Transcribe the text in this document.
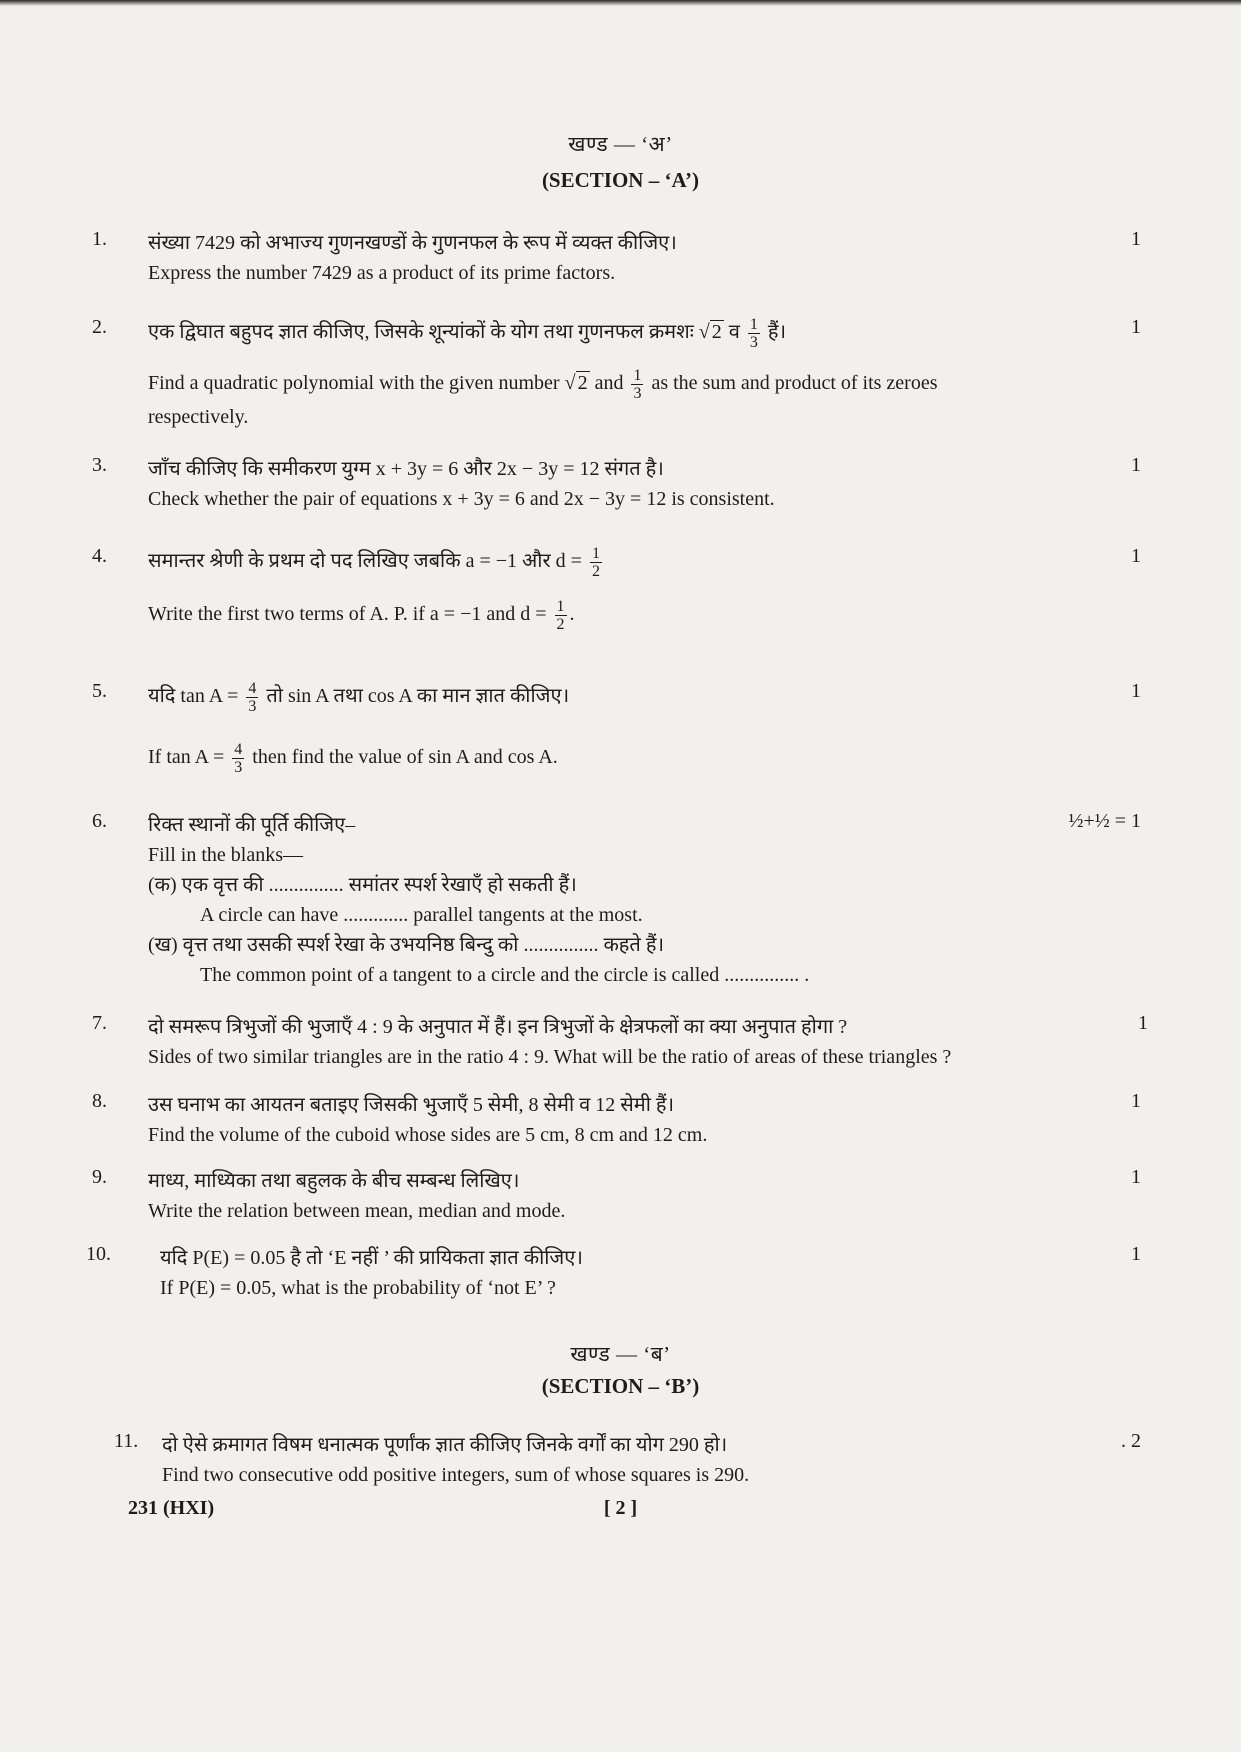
खण्ड — ‘अ’
(SECTION – ‘A’)
1. संख्या 7429 को अभाज्य गुणनखण्डों के गुणनफल के रूप में व्यक्त कीजिए।
Express the number 7429 as a product of its prime factors.
1
2. एक द्विघात बहुपद ज्ञात कीजिए, जिसके शून्यांकों के योग तथा गुणनफल क्रमशः √ 2 व $\frac{1}{3}$ हैं।
Find a quadratic polynomial with the given number √ 2 and $\frac{1}{3}$ as the sum and product of its zeroes
respectively.
1
3. जाँच कीजिए कि समीकरण युग्म x + 3y = 6 और 2x − 3y = 12 संगत है।
Check whether the pair of equations x + 3y = 6 and 2x − 3y = 12 is consistent.
1
4. समान्तर श्रेणी के प्रथम दो पद लिखिए जबकि a = −1 और $d = \frac{1}{2}$
Write the first two terms of A. P. if a = −1 and $d = \frac{1}{2}$ .
1
5. यदि $\tan A = \frac{4}{3}$ तो sin A तथा cos A का मान ज्ञात कीजिए।
If $\tan A = \frac{4}{3}$ then find the value of sin A and cos A.
1
6. रिक्त स्थानों की पूर्ति कीजिए–
Fill in the blanks—
(क) एक वृत्त की ............... समांतर स्पर्श रेखाएँ हो सकती हैं।
A circle can have ............. parallel tangents at the most.
(ख) वृत्त तथा उसकी स्पर्श रेखा के उभयनिष्ठ बिन्दु को ............... कहते हैं।
The common point of a tangent to a circle and the circle is called ............... .
½+½ = 1
7. दो समरूप त्रिभुजों की भुजाएँ 4 : 9 के अनुपात में हैं। इन त्रिभुजों के क्षेत्रफलों का क्या अनुपात होगा ?
Sides of two similar triangles are in the ratio 4 : 9. What will be the ratio of areas of these triangles ?
1
8. उस घनाभ का आयतन बताइए जिसकी भुजाएँ 5 सेमी, 8 सेमी व 12 सेमी हैं।
Find the volume of the cuboid whose sides are 5 cm, 8 cm and 12 cm.
1
9. माध्य, माध्यिका तथा बहुलक के बीच सम्बन्ध लिखिए।
Write the relation between mean, median and mode.
1
10. यदि P(E) = 0.05 है तो ‘E नहीं ’ की प्रायिकता ज्ञात कीजिए।
If P(E) = 0.05, what is the probability of ‘not E’ ?
1
खण्ड — ‘ब’
(SECTION – ‘B’)
11. दो ऐसे क्रमागत विषम धनात्मक पूर्णांक ज्ञात कीजिए जिनके वर्गों का योग 290 हो।
Find two consecutive odd positive integers, sum of whose squares is 290.
. 2
231 (HXI)	[ 2 ]
